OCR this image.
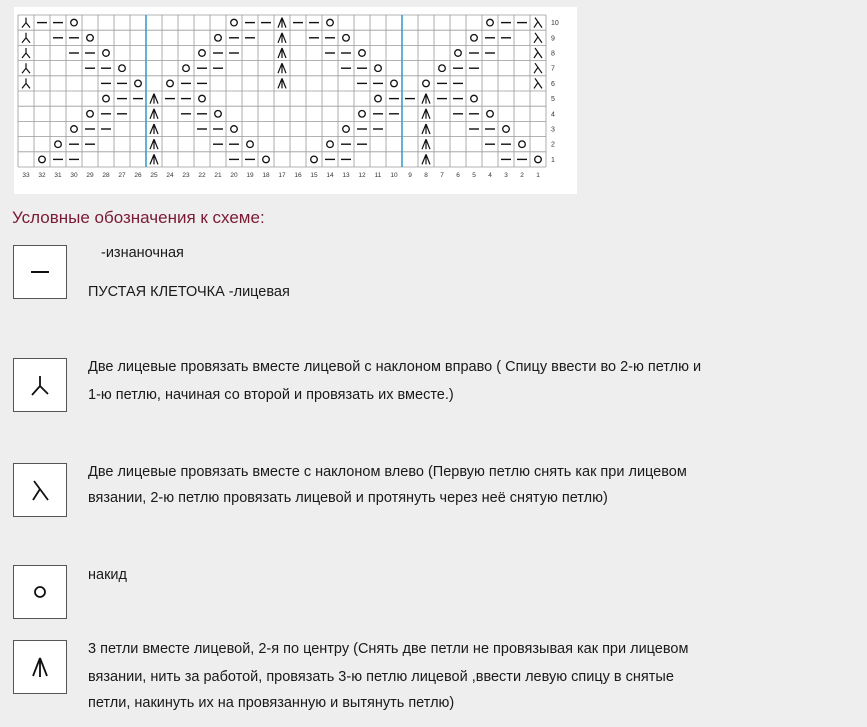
10
9
8
7
6
5
4
3
2
1
33 32 31 30 29 28 27 26 25 24 23 22 21 20 19 18 17 16 15 14 13 12 11 10 9 8 7 6 5 4 3 2 1
Условные обозначения к схеме:

-изнаночная

ПУСТАЯ КЛЕТОЧКА -лицевая

Две лицевые провязать вместе лицевой с наклоном вправо ( Спицу ввести во 2-ю петлю и

1-ю петлю, начиная со второй и провязать их вместе.)

Две лицевые провязать вместе с наклоном влево (Первую петлю снять как при лицевом

вязании, 2-ю петлю провязать лицевой и протянуть через неё снятую петлю)

накид

3 петли вместе лицевой, 2-я по центру (Снять две петли не провязывая как при лицевом

вязании, нить за работой, провязать 3-ю петлю лицевой ,ввести левую спицу в снятые

петли, накинуть их на провязанную и вытянуть петлю)
